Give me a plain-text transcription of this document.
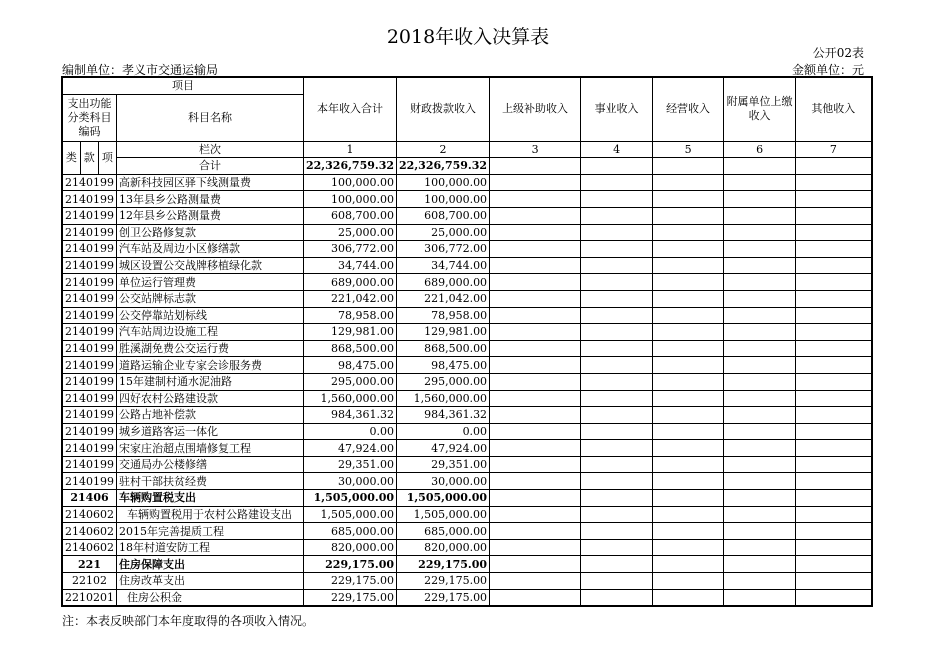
2018年收入决算表
公开02表
编制单位：孝义市交通运输局	金额单位：元
项目				本年收入合计	财政拨款收入	上级补助收入	事业收入	经营收入	附属单位上缴收入	其他收入
支出功能分类科目编码			科目名称							

类	款	项	栏次	1	2	3	4	5	6	7
			合计	22,326,759.32	22,326,759.32					
2140199			高新科技园区驿下线测量费	100,000.00	100,000.00					
2140199			13年县乡公路测量费	100,000.00	100,000.00					
2140199			12年县乡公路测量费	608,700.00	608,700.00					
2140199			创卫公路修复款	25,000.00	25,000.00					
2140199			汽车站及周边小区修缮款	306,772.00	306,772.00					
2140199			城区设置公交战牌移植绿化款	34,744.00	34,744.00					
2140199			单位运行管理费	689,000.00	689,000.00					
2140199			公交站牌标志款	221,042.00	221,042.00					
2140199			公交停靠站划标线	78,958.00	78,958.00					
2140199			汽车站周边设施工程	129,981.00	129,981.00					
2140199			胜溪湖免费公交运行费	868,500.00	868,500.00					
2140199			道路运输企业专家会诊服务费	98,475.00	98,475.00					
2140199			15年建制村通水泥油路	295,000.00	295,000.00					
2140199			四好农村公路建设款	1,560,000.00	1,560,000.00					
2140199			公路占地补偿款	984,361.32	984,361.32					
2140199			城乡道路客运一体化	0.00	0.00					
2140199			宋家庄治超点围墙修复工程	47,924.00	47,924.00					
2140199			交通局办公楼修缮	29,351.00	29,351.00					
2140199			驻村干部扶贫经费	30,000.00	30,000.00					
21406			车辆购置税支出	1,505,000.00	1,505,000.00					
2140602			车辆购置税用于农村公路建设支出	1,505,000.00	1,505,000.00					
2140602			2015年完善提质工程	685,000.00	685,000.00					
2140602			18年村道安防工程	820,000.00	820,000.00					
221			住房保障支出	229,175.00	229,175.00					
22102			住房改革支出	229,175.00	229,175.00					
2210201			住房公积金	229,175.00	229,175.00					
注：本表反映部门本年度取得的各项收入情况。
